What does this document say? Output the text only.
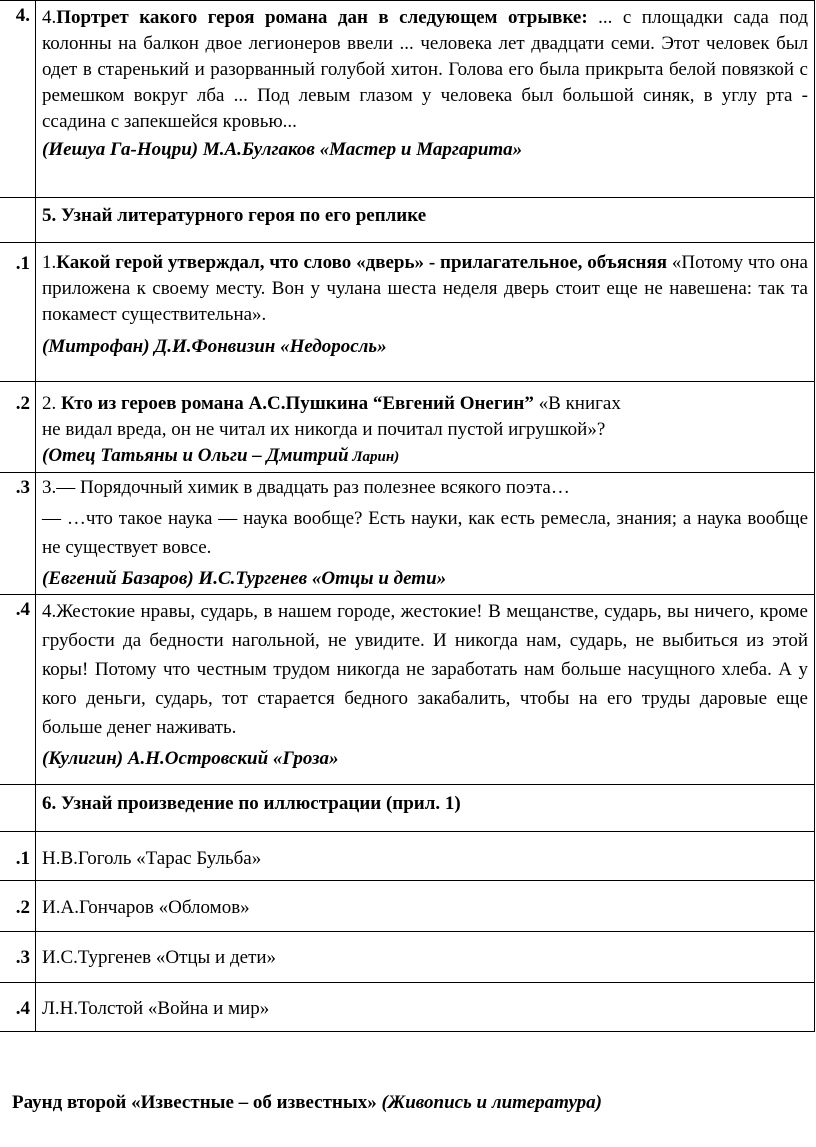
4.	4.Портрет какого героя романа дан в следующем отрывке: ... с площадки сада под колонны на балкон двое легионеров ввели ... человека лет двадцати семи. Этот человек был одет в старенький и разорванный голубой хитон. Голова его была прикрыта белой повязкой с ремешком вокруг лба ... Под левым глазом у человека был большой синяк, в углу рта - ссадина с запекшейся кровью...
(Иешуа Га-Ноцри) М.А.Булгаков «Мастер и Маргарита»

	5. Узнай литературного героя по его реплике
.1	1.Какой герой утверждал, что слово «дверь» - прилагательное, объясняя «Потому что она приложена к своему месту. Вон у чулана шеста неделя дверь стоит еще не навешена: так та покамест существительна».
(Митрофан) Д.И.Фонвизин «Недоросль»

.2	2. Кто из героев романа А.С.Пушкина “Евгений Онегин” «В книгах
не видал вреда, он не читал их никогда и почитал пустой игрушкой»?
(Отец Татьяны и Ольги – Дмитрий Ларин)

.3	3.— Порядочный химик в двадцать раз полезнее всякого поэта…
— …что такое наука — наука вообще? Есть науки, как есть ремесла, знания; а наука вообще не существует вовсе.
(Евгений Базаров) И.С.Тургенев «Отцы и дети»

.4	4.Жестокие нравы, сударь, в нашем городе, жестокие! В мещанстве, сударь, вы ничего, кроме грубости да бедности нагольной, не увидите. И никогда нам, сударь, не выбиться из этой коры! Потому что честным трудом никогда не заработать нам больше насущного хлеба. А у кого деньги, сударь, тот старается бедного закабалить, чтобы на его труды даровые еще больше денег наживать.
(Кулигин) А.Н.Островский «Гроза»

	6. Узнай произведение по иллюстрации (прил. 1)
.1	Н.В.Гоголь «Тарас Бульба»
.2	И.А.Гончаров «Обломов»
.3	И.С.Тургенев «Отцы и дети»
.4	Л.Н.Толстой «Война и мир»
Раунд второй «Известные – об известных» (Живопись и литература)
